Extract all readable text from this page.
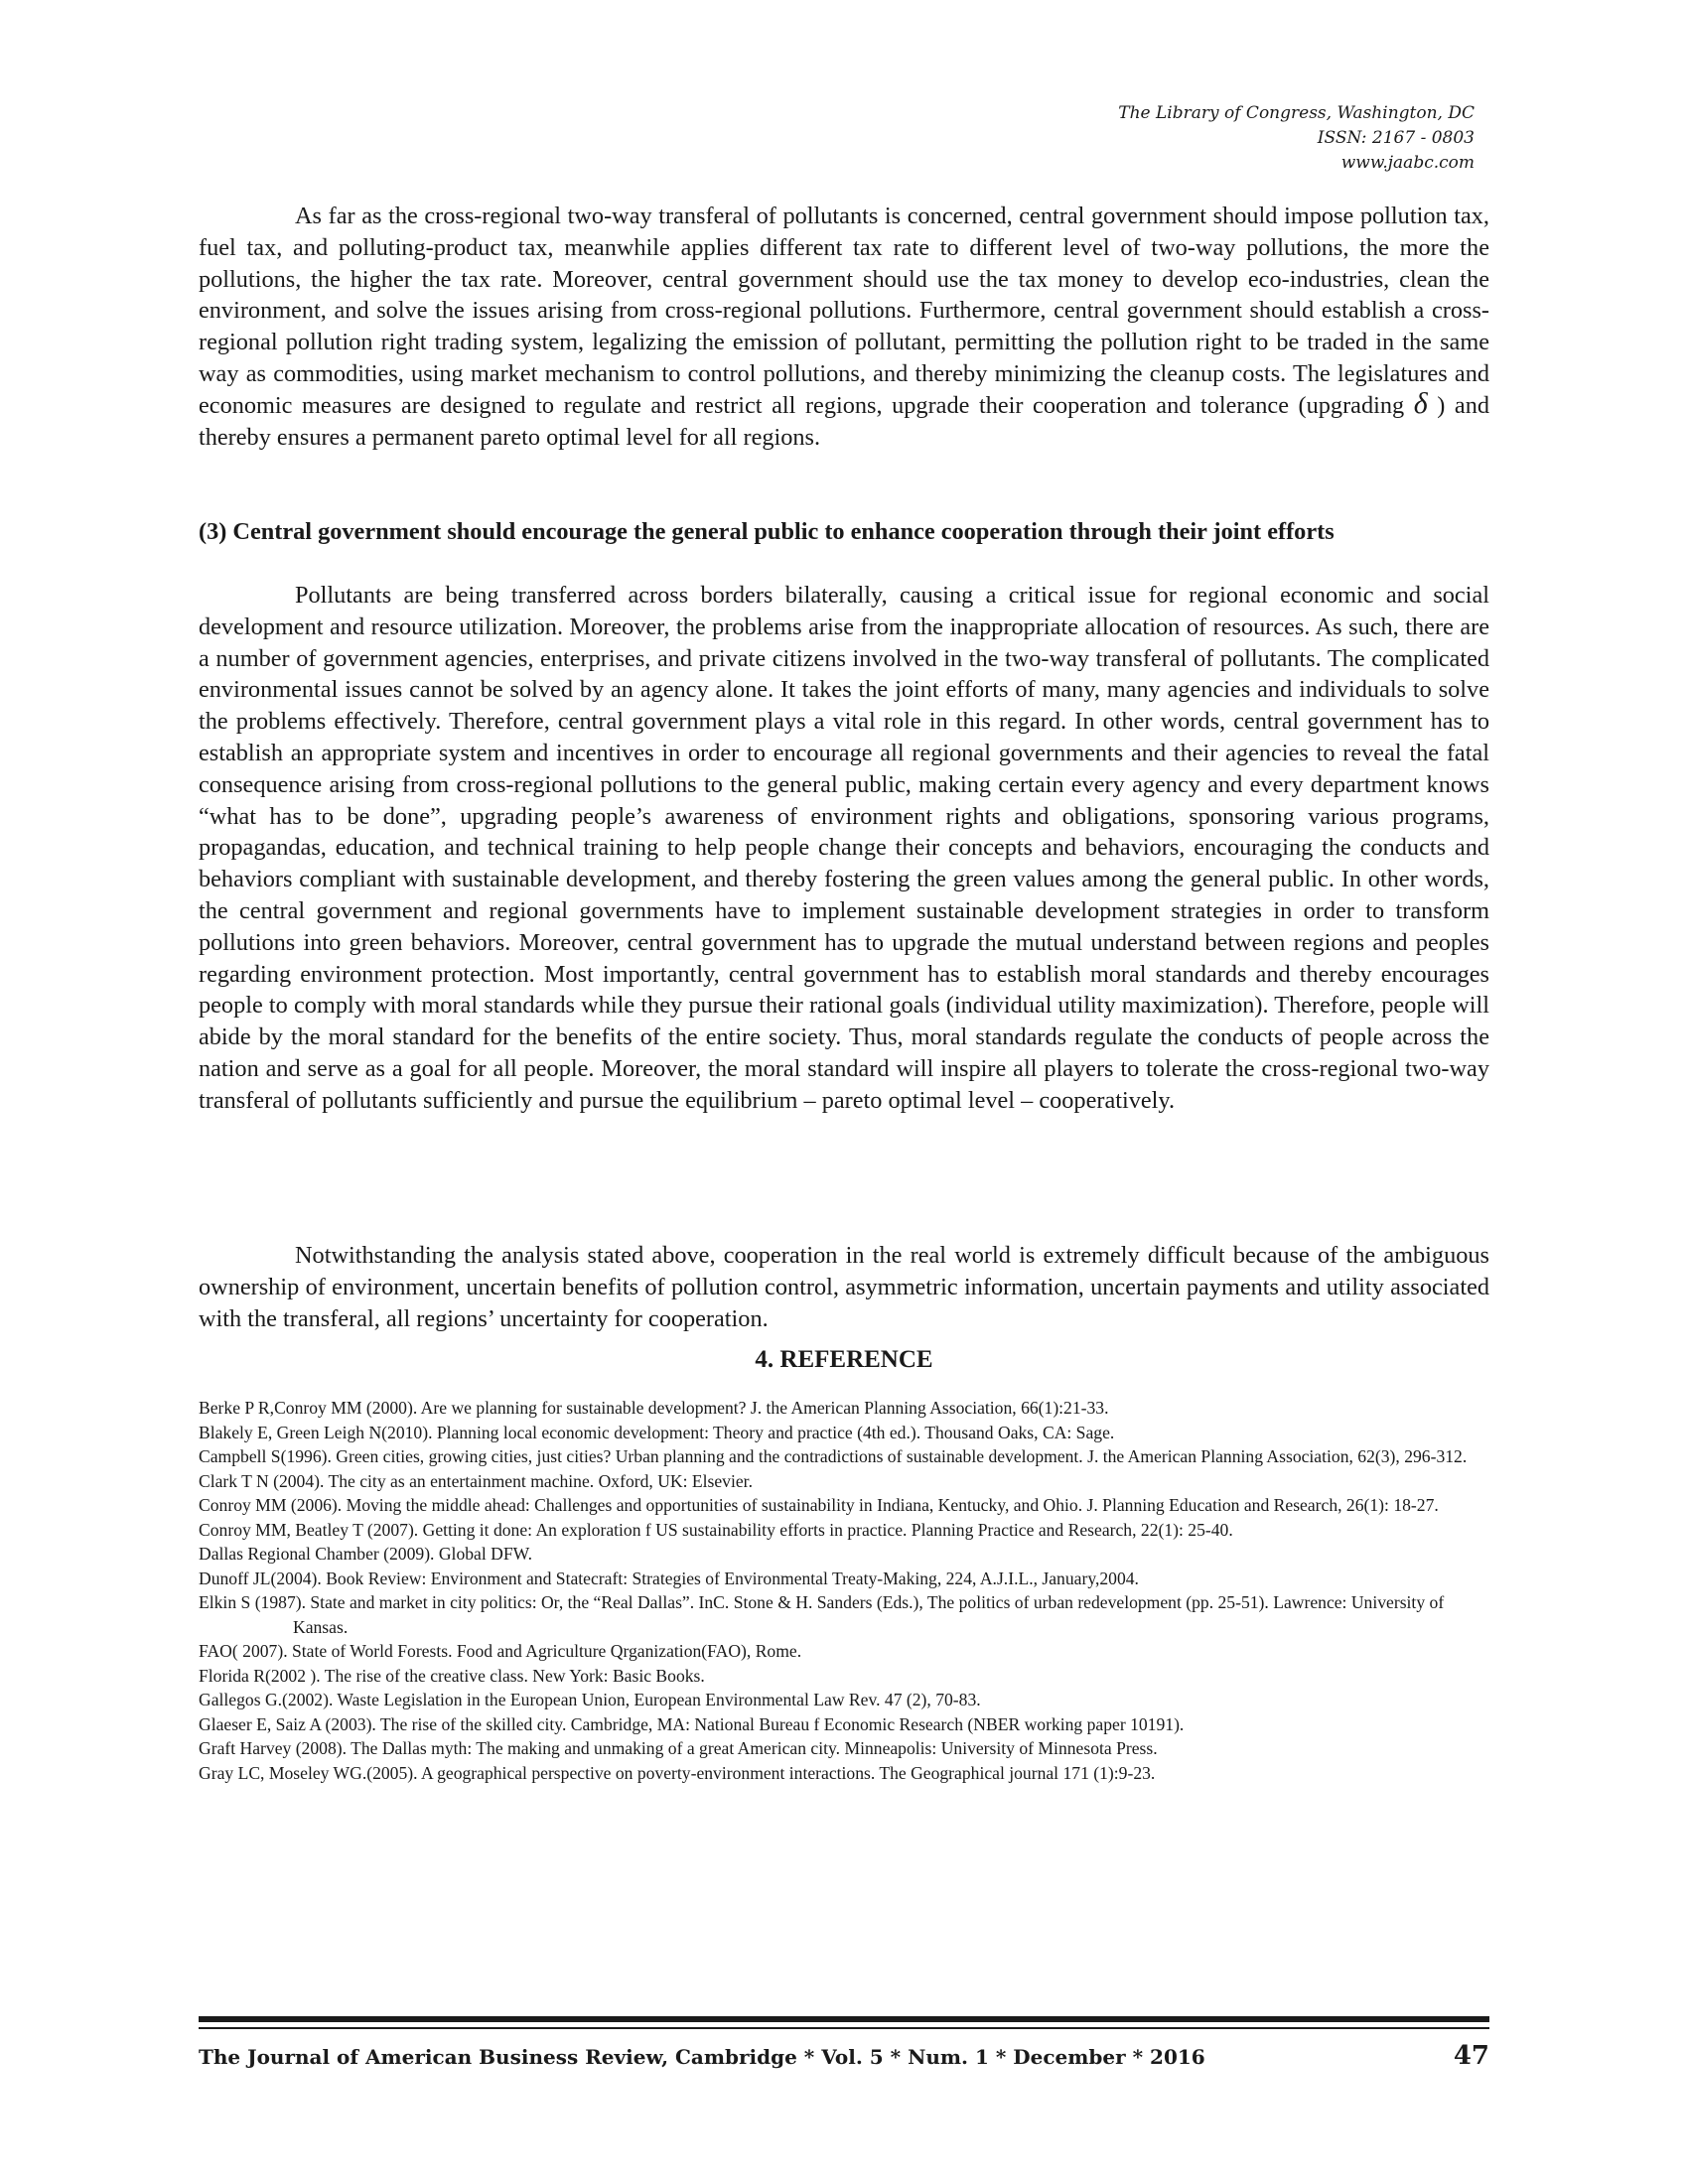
The Library of Congress, Washington, DC
ISSN: 2167 - 0803
www.jaabc.com

As far as the cross-regional two-way transferal of pollutants is concerned, central government should impose pollution tax, fuel tax, and polluting-product tax, meanwhile applies different tax rate to different level of two-way pollutions, the more the pollutions, the higher the tax rate. Moreover, central government should use the tax money to develop eco-industries, clean the environment, and solve the issues arising from cross-regional pollutions. Furthermore, central government should establish a cross-regional pollution right trading system, legalizing the emission of pollutant, permitting the pollution right to be traded in the same way as commodities, using market mechanism to control pollutions, and thereby minimizing the cleanup costs. The legislatures and economic measures are designed to regulate and restrict all regions, upgrade their cooperation and tolerance (upgrading δ ) and thereby ensures a permanent pareto optimal level for all regions.

(3) Central government should encourage the general public to enhance cooperation through their joint efforts

Pollutants are being transferred across borders bilaterally, causing a critical issue for regional economic and social development and resource utilization. Moreover, the problems arise from the inappropriate allocation of resources. As such, there are a number of government agencies, enterprises, and private citizens involved in the two-way transferal of pollutants. The complicated environmental issues cannot be solved by an agency alone. It takes the joint efforts of many, many agencies and individuals to solve the problems effectively. Therefore, central government plays a vital role in this regard. In other words, central government has to establish an appropriate system and incentives in order to encourage all regional governments and their agencies to reveal the fatal consequence arising from cross-regional pollutions to the general public, making certain every agency and every department knows “what has to be done”, upgrading people’s awareness of environment rights and obligations, sponsoring various programs, propagandas, education, and technical training to help people change their concepts and behaviors, encouraging the conducts and behaviors compliant with sustainable development, and thereby fostering the green values among the general public. In other words, the central government and regional governments have to implement sustainable development strategies in order to transform pollutions into green behaviors. Moreover, central government has to upgrade the mutual understand between regions and peoples regarding environment protection. Most importantly, central government has to establish moral standards and thereby encourages people to comply with moral standards while they pursue their rational goals (individual utility maximization). Therefore, people will abide by the moral standard for the benefits of the entire society. Thus, moral standards regulate the conducts of people across the nation and serve as a goal for all people. Moreover, the moral standard will inspire all players to tolerate the cross-regional two-way transferal of pollutants sufficiently and pursue the equilibrium – pareto optimal level – cooperatively.

Notwithstanding the analysis stated above, cooperation in the real world is extremely difficult because of the ambiguous ownership of environment, uncertain benefits of pollution control, asymmetric information, uncertain payments and utility associated with the transferal, all regions’ uncertainty for cooperation.

4. REFERENCE

Berke P R,Conroy MM (2000). Are we planning for sustainable development? J. the American Planning Association, 66(1):21-33.

Blakely E, Green Leigh N(2010). Planning local economic development: Theory and practice (4th ed.). Thousand Oaks, CA: Sage.

Campbell S(1996). Green cities, growing cities, just cities? Urban planning and the contradictions of sustainable development. J. the American Planning Association, 62(3), 296-312.

Clark T N (2004). The city as an entertainment machine. Oxford, UK: Elsevier.

Conroy MM (2006). Moving the middle ahead: Challenges and opportunities of sustainability in Indiana, Kentucky, and Ohio. J. Planning Education and Research, 26(1): 18-27.

Conroy MM, Beatley T (2007). Getting it done: An exploration f US sustainability efforts in practice. Planning Practice and Research, 22(1): 25-40.

Dallas Regional Chamber (2009). Global DFW.

Dunoff JL(2004). Book Review: Environment and Statecraft: Strategies of Environmental Treaty-Making, 224, A.J.I.L., January,2004.

Elkin S (1987). State and market in city politics: Or, the “Real Dallas”. InC. Stone & H. Sanders (Eds.), The politics of urban redevelopment (pp. 25-51). Lawrence: University of Kansas.

FAO( 2007). State of World Forests. Food and Agriculture Qrganization(FAO), Rome.

Florida R(2002 ). The rise of the creative class. New York: Basic Books.

Gallegos G.(2002). Waste Legislation in the European Union, European Environmental Law Rev. 47 (2), 70-83.

Glaeser E, Saiz A (2003). The rise of the skilled city. Cambridge, MA: National Bureau f Economic Research (NBER working paper 10191).

Graft Harvey (2008). The Dallas myth: The making and unmaking of a great American city. Minneapolis: University of Minnesota Press.

Gray LC, Moseley WG.(2005). A geographical perspective on poverty-environment interactions. The Geographical journal 171 (1):9-23.

The Journal of American Business Review, Cambridge * Vol. 5 * Num. 1 * December * 2016	47
